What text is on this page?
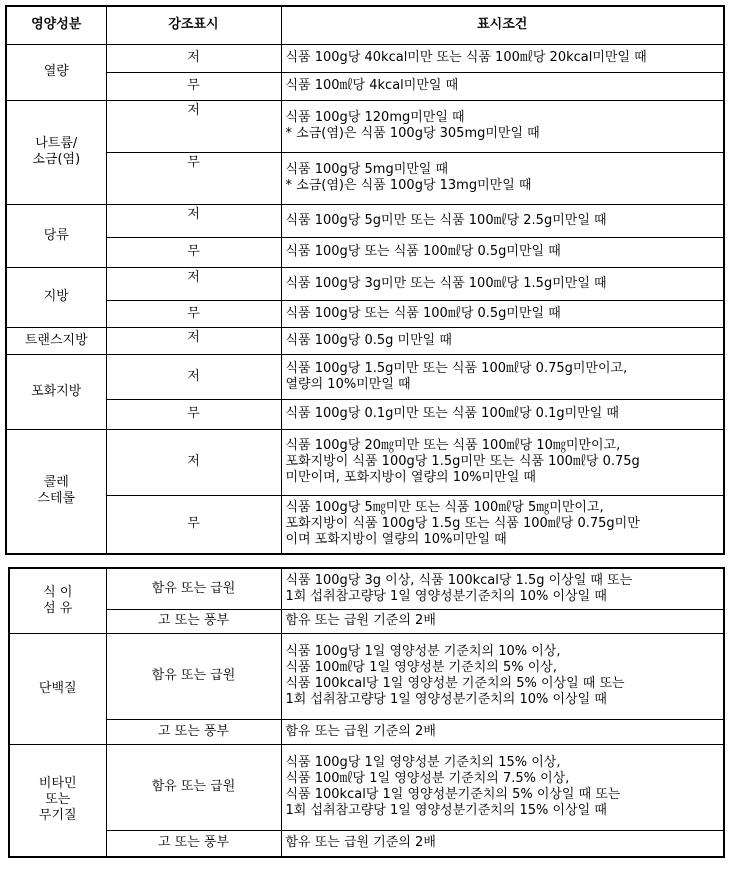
영양성분	강조표시	표시조건

열량	저	식품 100g당 40kcal미만 또는 식품 100㎖당 20kcal미만일 때

	무	식품 100㎖당 4kcal미만일 때

나트륨/
소금(염)	저	식품 100g당 120mg미만일 때
* 소금(염)은 식품 100g당 305mg미만일 때

	무	식품 100g당 5mg미만일 때
* 소금(염)은 식품 100g당 13mg미만일 때

당류	저	식품 100g당 5g미만 또는 식품 100㎖당 2.5g미만일 때

	무	식품 100g당 또는 식품 100㎖당 0.5g미만일 때

지방	저	식품 100g당 3g미만 또는 식품 100㎖당 1.5g미만일 때

	무	식품 100g당 또는 식품 100㎖당 0.5g미만일 때

트랜스지방	저	식품 100g당 0.5g 미만일 때

포화지방	저	식품 100g당 1.5g미만 또는 식품 100㎖당 0.75g미만이고,
열량의 10%미만일 때

	무	식품 100g당 0.1g미만 또는 식품 100㎖당 0.1g미만일 때

콜레
스테롤	저	식품 100g당 20㎎미만 또는 식품 100㎖당 10㎎미만이고,
포화지방이 식품 100g당 1.5g미만 또는 식품 100㎖당 0.75g
미만이며, 포화지방이 열량의 10%미만일 때

	무	식품 100g당 5㎎미만 또는 식품 100㎖당 5㎎미만이고,
포화지방이 식품 100g당 1.5g 또는 식품 100㎖당 0.75g미만
이며 포화지방이 열량의 10%미만일 때
식 이
섬 유	함유 또는 급원	식품 100g당 3g 이상, 식품 100kcal당 1.5g 이상일 때 또는
1회 섭취참고량당 1일 영양성분기준치의 10% 이상일 때

	고 또는 풍부	함유 또는 급원 기준의 2배

단백질	함유 또는 급원	식품 100g당 1일 영양성분 기준치의 10% 이상,
식품 100㎖당 1일 영양성분 기준치의 5% 이상,
식품 100kcal당 1일 영양성분 기준치의 5% 이상일 때 또는
1회 섭취참고량당 1일 영양성분기준치의 10% 이상일 때

	고 또는 풍부	함유 또는 급원 기준의 2배

비타민
또는
무기질	함유 또는 급원	식품 100g당 1일 영양성분 기준치의 15% 이상,
식품 100㎖당 1일 영양성분 기준치의 7.5% 이상,
식품 100kcal당 1일 영양성분기준치의 5% 이상일 때 또는
1회 섭취참고량당 1일 영양성분기준치의 15% 이상일 때

	고 또는 풍부	함유 또는 급원 기준의 2배
